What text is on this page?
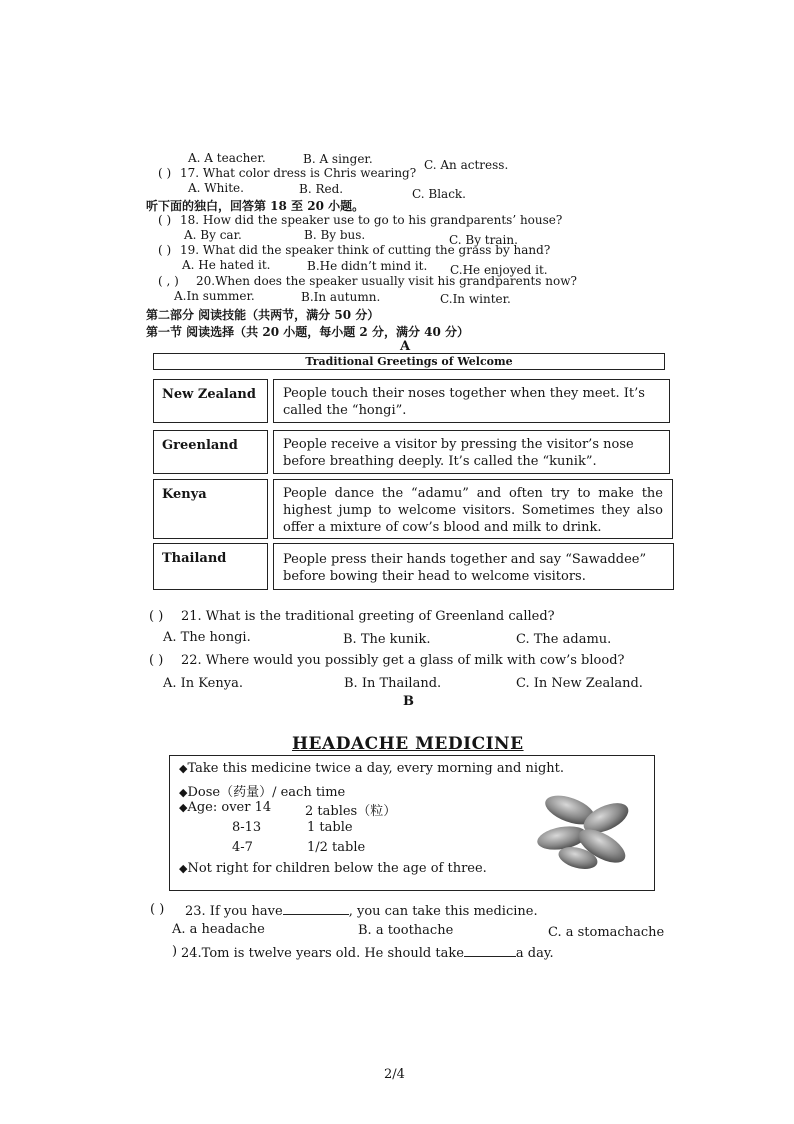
A. A teacher.	B. A singer.	C. An actress.
( ) 17. What color dress is Chris wearing?
A. White.	B. Red.	C. Black.
听下面的独白，回答第 18 至 20 小题。
( ) 18. How did the speaker use to go to his grandparents’ house?
A. By car.	B. By bus.	C. By train.
( ) 19. What did the speaker think of cutting the grass by hand?
A. He hated it.	B.He didn’t mind it. C.He enjoyed it.
( , ) 20.When does the speaker usually visit his grandparents now?
A.In summer.	B.In autumn.	C.In winter.
第二部分 阅读技能（共两节，满分 50 分）
第一节 阅读选择（共 20 小题，每小题 2 分，满分 40 分）
A
Traditional Greetings of Welcome
New Zealand	People touch their noses together when they meet. It’s called the “hongi”.
Greenland	People receive a visitor by pressing the visitor’s nose before breathing deeply. It’s called the “kunik”.
Kenya	People dance the “adamu” and often try to make the highest jump to welcome visitors. Sometimes they also offer a mixture of cow’s blood and milk to drink.
Thailand	People press their hands together and say “Sawaddee” before bowing their head to welcome visitors.
( ) 21. What is the traditional greeting of Greenland called?
A. The hongi.	B. The kunik.	C. The adamu.
( ) 22. Where would you possibly get a glass of milk with cow’s blood?
A. In Kenya.	B. In Thailand.	C. In New Zealand.
B
HEADACHE MEDICINE
◆Take this medicine twice a day, every morning and night.
◆Dose（药量）/ each time
◆Age: over 14	2 tables（粒）
8-13	1 table
4-7	1/2 table
◆Not right for children below the age of three.
( ) 23. If you have	, you can take this medicine.
A. a headache	B. a toothache	C. a stomachache
) 24.Tom is twelve years old. He should take	a day.
2/4
